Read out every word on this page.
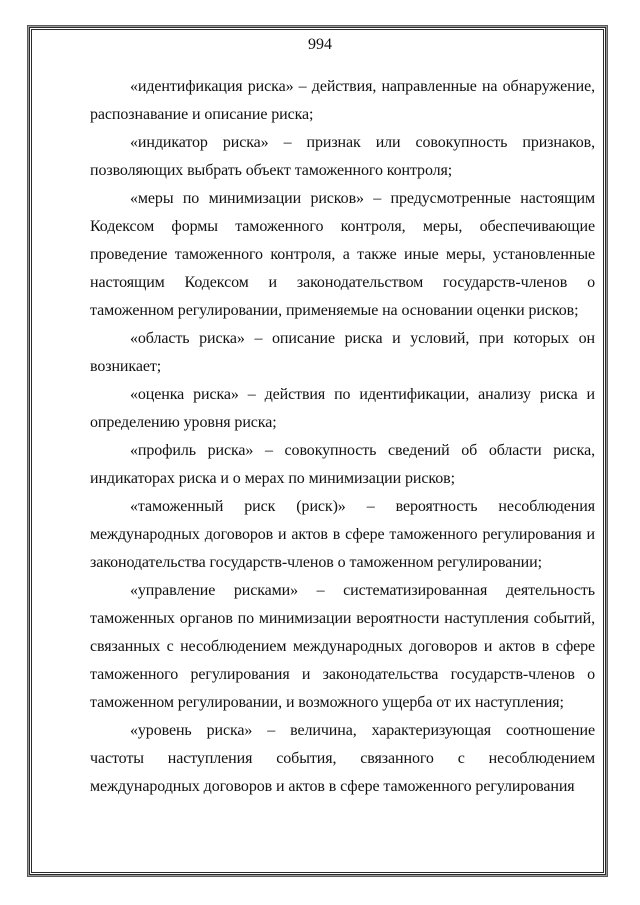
994

«идентификация риска» – действия, направленные на обнаружение, распознавание и описание риска;

«индикатор риска» – признак или совокупность признаков, позволяющих выбрать объект таможенного контроля;

«меры по минимизации рисков» – предусмотренные настоящим Кодексом формы таможенного контроля, меры, обеспечивающие проведение таможенного контроля, а также иные меры, установленные настоящим Кодексом и законодательством государств-членов о таможенном регулировании, применяемые на основании оценки рисков;

«область риска» – описание риска и условий, при которых он возникает;

«оценка риска» – действия по идентификации, анализу риска и определению уровня риска;

«профиль риска» – совокупность сведений об области риска, индикаторах риска и о мерах по минимизации рисков;

«таможенный риск (риск)» – вероятность несоблюдения международных договоров и актов в сфере таможенного регулирования и законодательства государств-членов о таможенном регулировании;

«управление рисками» – систематизированная деятельность таможенных органов по минимизации вероятности наступления событий, связанных с несоблюдением международных договоров и актов в сфере таможенного регулирования и законодательства государств-членов о таможенном регулировании, и возможного ущерба от их наступления;

«уровень риска» – величина, характеризующая соотношение частоты наступления события, связанного с несоблюдением международных договоров и актов в сфере таможенного регулирования
